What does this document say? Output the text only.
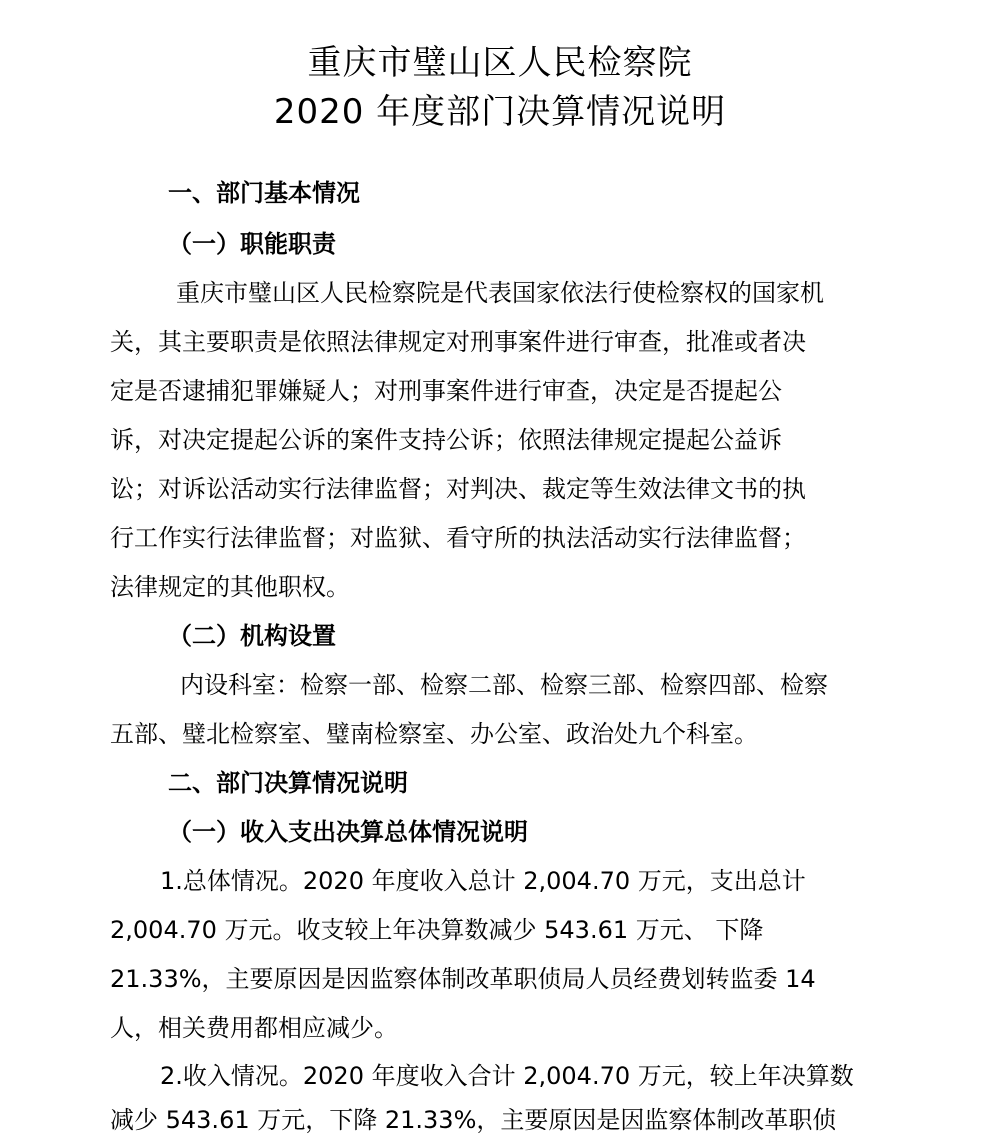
重庆市璧山区人民检察院
2020 年度部门决算情况说明

一、部门基本情况

（一）职能职责

重庆市璧山区人民检察院是代表国家依法行使检察权的国家机

关，其主要职责是依照法律规定对刑事案件进行审查，批准或者决

定是否逮捕犯罪嫌疑人；对刑事案件进行审查，决定是否提起公

诉，对决定提起公诉的案件支持公诉；依照法律规定提起公益诉

讼；对诉讼活动实行法律监督；对判决、裁定等生效法律文书的执

行工作实行法律监督；对监狱、看守所的执法活动实行法律监督；

法律规定的其他职权。

（二）机构设置

内设科室：检察一部、检察二部、检察三部、检察四部、检察

五部、璧北检察室、璧南检察室、办公室、政治处九个科室。

二、部门决算情况说明

（一）收入支出决算总体情况说明

1.总体情况。2020 年度收入总计 2,004.70 万元，支出总计

2,004.70 万元。收支较上年决算数减少 543.61 万元、 下降

21.33%，主要原因是因监察体制改革职侦局人员经费划转监委 14

人，相关费用都相应减少。

2.收入情况。2020 年度收入合计 2,004.70 万元，较上年决算数

减少 543.61 万元，下降 21.33%，主要原因是因监察体制改革职侦
